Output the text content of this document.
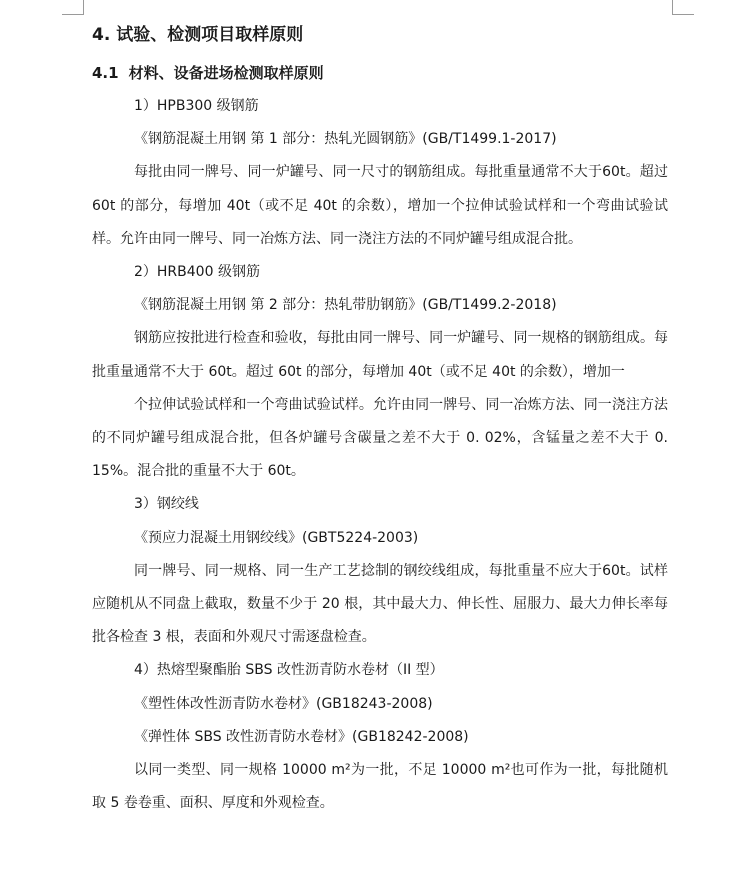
4. 试验、检测项目取样原则
4.1 材料、设备进场检测取样原则

1）HPB300 级钢筋

《钢筋混凝土用钢 第 1 部分：热轧光圆钢筋》(GB/T1499.1-2017)

每批由同一牌号、同一炉罐号、同一尺寸的钢筋组成。每批重量通常不大于60t。超过 60t 的部分，每增加 40t（或不足 40t 的余数），增加一个拉伸试验试样和一个弯曲试验试样。允许由同一牌号、同一冶炼方法、同一浇注方法的不同炉罐号组成混合批。

2）HRB400 级钢筋

《钢筋混凝土用钢 第 2 部分：热轧带肋钢筋》(GB/T1499.2-2018)

钢筋应按批进行检查和验收，每批由同一牌号、同一炉罐号、同一规格的钢筋组成。每批重量通常不大于 60t。超过 60t 的部分，每增加 40t（或不足 40t 的余数），增加一

个拉伸试验试样和一个弯曲试验试样。允许由同一牌号、同一冶炼方法、同一浇注方法的不同炉罐号组成混合批，但各炉罐号含碳量之差不大于 0. 02%，含锰量之差不大于 0. 15%。混合批的重量不大于 60t。

3）钢绞线

《预应力混凝土用钢绞线》(GBT5224-2003)

同一牌号、同一规格、同一生产工艺捻制的钢绞线组成，每批重量不应大于60t。试样应随机从不同盘上截取，数量不少于 20 根，其中最大力、伸长性、屈服力、最大力伸长率每批各检查 3 根，表面和外观尺寸需逐盘检查。

4）热熔型聚酯胎 SBS 改性沥青防水卷材（II 型）

《塑性体改性沥青防水卷材》(GB18243-2008)

《弹性体 SBS 改性沥青防水卷材》(GB18242-2008)

以同一类型、同一规格 10000 m²为一批，不足 10000 m²也可作为一批，每批随机取 5 卷卷重、面积、厚度和外观检查。
